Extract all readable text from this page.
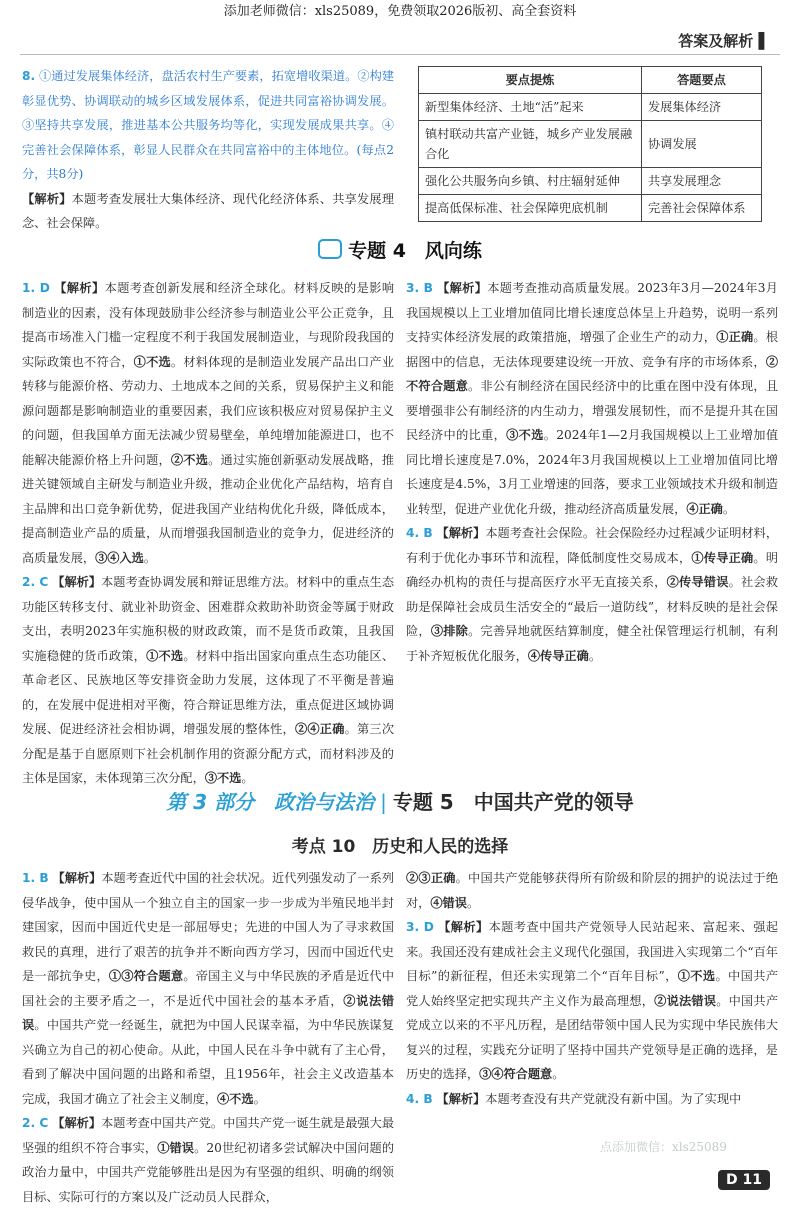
添加老师微信：xls25089，免费领取2026版初、高全套资料
答案及解析 ▌
8. ①通过发展集体经济，盘活农村生产要素，拓宽增收渠道。②构建彰显优势、协调联动的城乡区域发展体系，促进共同富裕协调发展。③坚持共享发展，推进基本公共服务均等化，实现发展成果共享。④完善社会保障体系，彰显人民群众在共同富裕中的主体地位。(每点2分，共8分)
【解析】本题考查发展壮大集体经济、现代化经济体系、共享发展理念、社会保障。
要点提炼	答题要点
新型集体经济、土地“活”起来	发展集体经济
镇村联动共富产业链，城乡产业发展融合化	协调发展
强化公共服务向乡镇、村庄辐射延伸	共享发展理念
提高低保标准、社会保障兜底机制	完善社会保障体系
专题 4　风向练
1. D 【解析】本题考查创新发展和经济全球化。材料反映的是影响制造业的因素，没有体现鼓励非公经济参与制造业公平公正竞争，且提高市场准入门槛一定程度不利于我国发展制造业，与现阶段我国的实际政策也不符合，①不选。材料体现的是制造业发展产品出口产业转移与能源价格、劳动力、土地成本之间的关系，贸易保护主义和能源问题都是影响制造业的重要因素，我们应该积极应对贸易保护主义的问题，但我国单方面无法减少贸易壁垒，单纯增加能源进口，也不能解决能源价格上升问题，②不选。通过实施创新驱动发展战略，推进关键领域自主研发与制造业升级，推动企业优化产品结构，培育自主品牌和出口竞争新优势，促进我国产业结构优化升级，降低成本，提高制造业产品的质量，从而增强我国制造业的竞争力，促进经济的高质量发展，③④入选。
2. C 【解析】本题考查协调发展和辩证思维方法。材料中的重点生态功能区转移支付、就业补助资金、困难群众救助补助资金等属于财政支出，表明2023年实施积极的财政政策，而不是货币政策，且我国实施稳健的货币政策，①不选。材料中指出国家向重点生态功能区、革命老区、民族地区等安排资金助力发展，这体现了不平衡是普遍的，在发展中促进相对平衡，符合辩证思维方法，重点促进区域协调发展、促进经济社会相协调，增强发展的整体性，②④正确。第三次分配是基于自愿原则下社会机制作用的资源分配方式，而材料涉及的主体是国家，未体现第三次分配，③不选。
3. B 【解析】本题考查推动高质量发展。2023年3月—2024年3月我国规模以上工业增加值同比增长速度总体呈上升趋势，说明一系列支持实体经济发展的政策措施，增强了企业生产的动力，①正确。根据图中的信息，无法体现要建设统一开放、竞争有序的市场体系，②不符合题意。非公有制经济在国民经济中的比重在图中没有体现，且要增强非公有制经济的内生动力，增强发展韧性，而不是提升其在国民经济中的比重，③不选。2024年1—2月我国规模以上工业增加值同比增长速度是7.0%，2024年3月我国规模以上工业增加值同比增长速度是4.5%，3月工业增速的回落，要求工业领域技术升级和制造业转型，促进产业优化升级，推动经济高质量发展，④正确。
4. B 【解析】本题考查社会保险。社会保险经办过程减少证明材料，有利于优化办事环节和流程，降低制度性交易成本，①传导正确。明确经办机构的责任与提高医疗水平无直接关系，②传导错误。社会救助是保障社会成员生活安全的“最后一道防线”，材料反映的是社会保险，③排除。完善异地就医结算制度，健全社保管理运行机制，有利于补齐短板优化服务，④传导正确。
第 3 部分　政治与法治 | 专题 5　中国共产党的领导
考点 10　历史和人民的选择
1. B 【解析】本题考查近代中国的社会状况。近代列强发动了一系列侵华战争，使中国从一个独立自主的国家一步一步成为半殖民地半封建国家，因而中国近代史是一部屈辱史；先进的中国人为了寻求救国救民的真理，进行了艰苦的抗争并不断向西方学习，因而中国近代史是一部抗争史，①③符合题意。帝国主义与中华民族的矛盾是近代中国社会的主要矛盾之一，不是近代中国社会的基本矛盾，②说法错误。中国共产党一经诞生，就把为中国人民谋幸福，为中华民族谋复兴确立为自己的初心使命。从此，中国人民在斗争中就有了主心骨，看到了解决中国问题的出路和希望，且1956年，社会主义改造基本完成，我国才确立了社会主义制度，④不选。
2. C 【解析】本题考查中国共产党。中国共产党一诞生就是最强大最坚强的组织不符合事实，①错误。20世纪初诸多尝试解决中国问题的政治力量中，中国共产党能够胜出是因为有坚强的组织、明确的纲领目标、实际可行的方案以及广泛动员人民群众，
②③正确。中国共产党能够获得所有阶级和阶层的拥护的说法过于绝对，④错误。
3. D 【解析】本题考查中国共产党领导人民站起来、富起来、强起来。我国还没有建成社会主义现代化强国，我国进入实现第二个“百年目标”的新征程，但还未实现第二个“百年目标”，①不选。中国共产党人始终坚定把实现共产主义作为最高理想，②说法错误。中国共产党成立以来的不平凡历程，是团结带领中国人民为实现中华民族伟大复兴的过程，实践充分证明了坚持中国共产党领导是正确的选择，是历史的选择，③④符合题意。
4. B 【解析】本题考查没有共产党就没有新中国。为了实现中
点添加微信：xls25089
D 11
